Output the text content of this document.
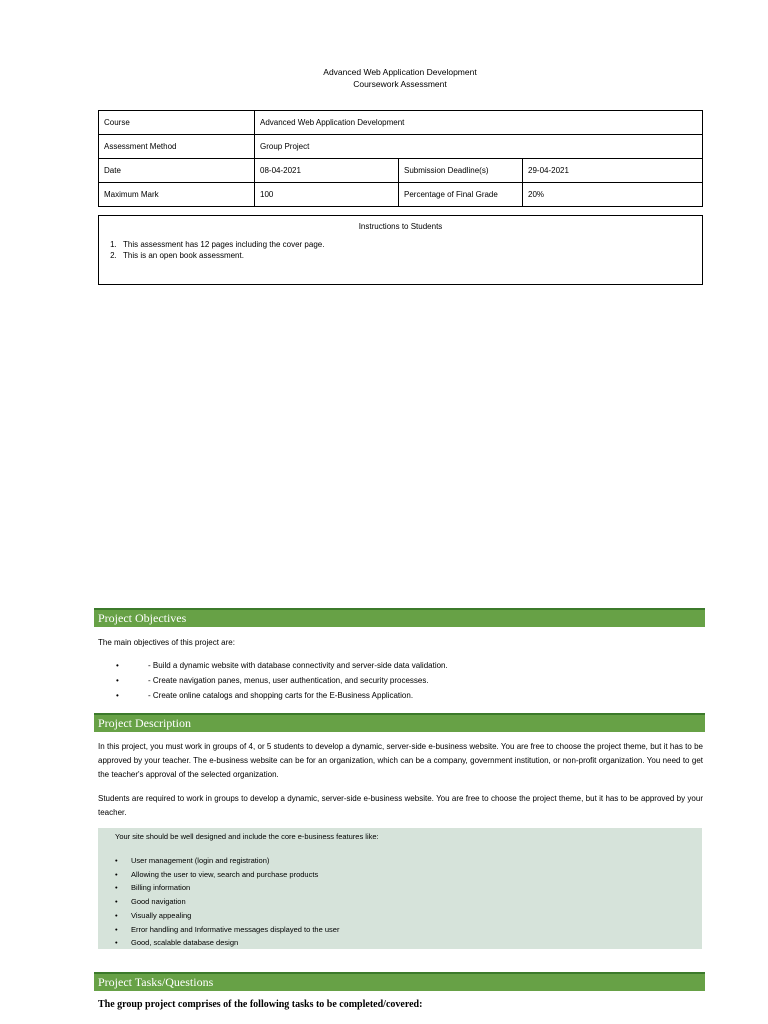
Advanced Web Application Development
Coursework Assessment
Course	Advanced Web Application Development		
Assessment Method	Group Project		
Date	08-04-2021	Submission Deadline(s)	29-04-2021
Maximum Mark	100	Percentage of Final Grade	20%
Instructions to Students
1. This assessment has 12 pages including the cover page.
2. This is an open book assessment.
Project Objectives
The main objectives of this project are:
• - Build a dynamic website with database connectivity and server-side data validation.
• - Create navigation panes, menus, user authentication, and security processes.
• - Create online catalogs and shopping carts for the E-Business Application.
Project Description
In this project, you must work in groups of 4, or 5 students to develop a dynamic, server-side e-business website. You are free to choose the project theme, but it has to be approved by your teacher. The e-business website can be for an organization, which can be a company, government institution, or non-profit organization. You need to get the teacher's approval of the selected organization.
Students are required to work in groups to develop a dynamic, server-side e-business website. You are free to choose the project theme, but it has to be approved by your teacher.
Your site should be well designed and include the core e-business features like:
• User management (login and registration)
• Allowing the user to view, search and purchase products
• Billing information
• Good navigation
• Visually appealing
• Error handling and Informative messages displayed to the user
• Good, scalable database design
Project Tasks/Questions
The group project comprises of the following tasks to be completed/covered:
